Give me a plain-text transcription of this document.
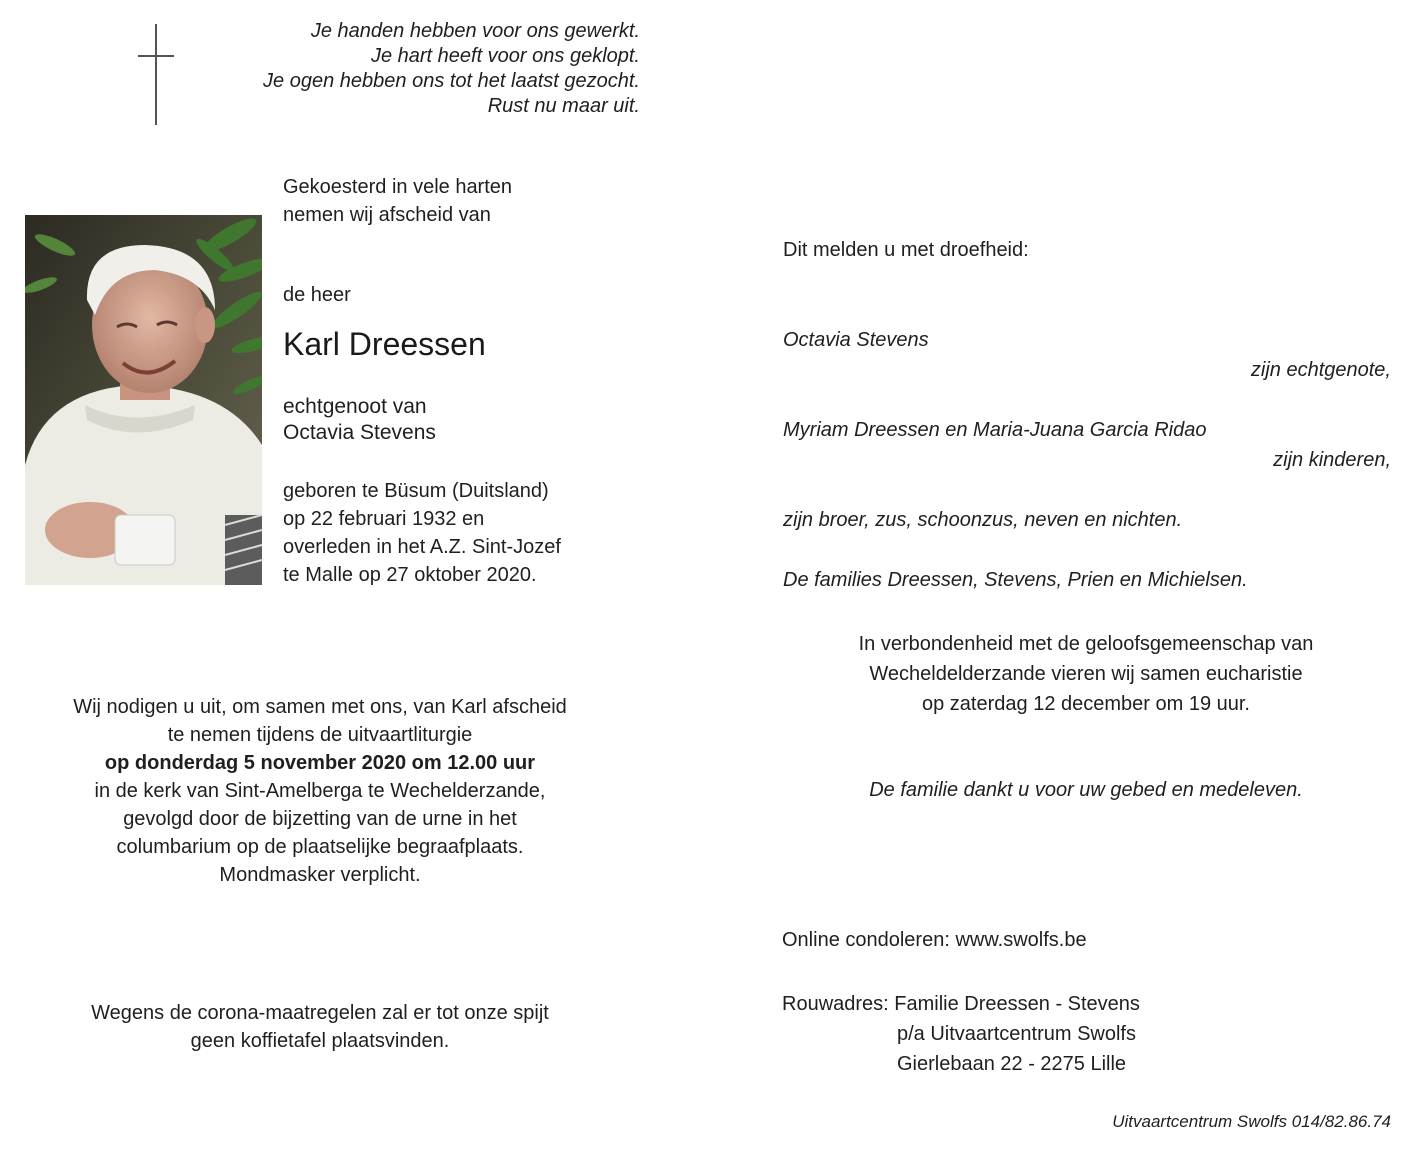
Je handen hebben voor ons gewerkt.
Je hart heeft voor ons geklopt.
Je ogen hebben ons tot het laatst gezocht.
Rust nu maar uit.
Gekoesterd in vele harten
nemen wij afscheid van
de heer
Karl Dreessen
echtgenoot van
Octavia Stevens
geboren te Büsum (Duitsland)
op 22 februari 1932 en
overleden in het A.Z. Sint-Jozef
te Malle op 27 oktober 2020.
Wij nodigen u uit, om samen met ons, van Karl afscheid
te nemen tijdens de uitvaartliturgie
op donderdag 5 november 2020 om 12.00 uur
in de kerk van Sint-Amelberga te Wechelderzande,
gevolgd door de bijzetting van de urne in het
columbarium op de plaatselijke begraafplaats.
Mondmasker verplicht.
Wegens de corona-maatregelen zal er tot onze spijt
geen koffietafel plaatsvinden.
Dit melden u met droefheid:
Octavia Stevens
zijn echtgenote,
Myriam Dreessen en Maria-Juana Garcia Ridao
zijn kinderen,
zijn broer, zus, schoonzus, neven en nichten.
De families Dreessen, Stevens, Prien en Michielsen.
In verbondenheid met de geloofsgemeenschap van
Wecheldelderzande vieren wij samen eucharistie
op zaterdag 12 december om 19 uur.
De familie dankt u voor uw gebed en medeleven.
Online condoleren: www.swolfs.be
Rouwadres: Familie Dreessen - Stevens
p/a Uitvaartcentrum Swolfs
Gierlebaan 22 - 2275 Lille
Uitvaartcentrum Swolfs 014/82.86.74
